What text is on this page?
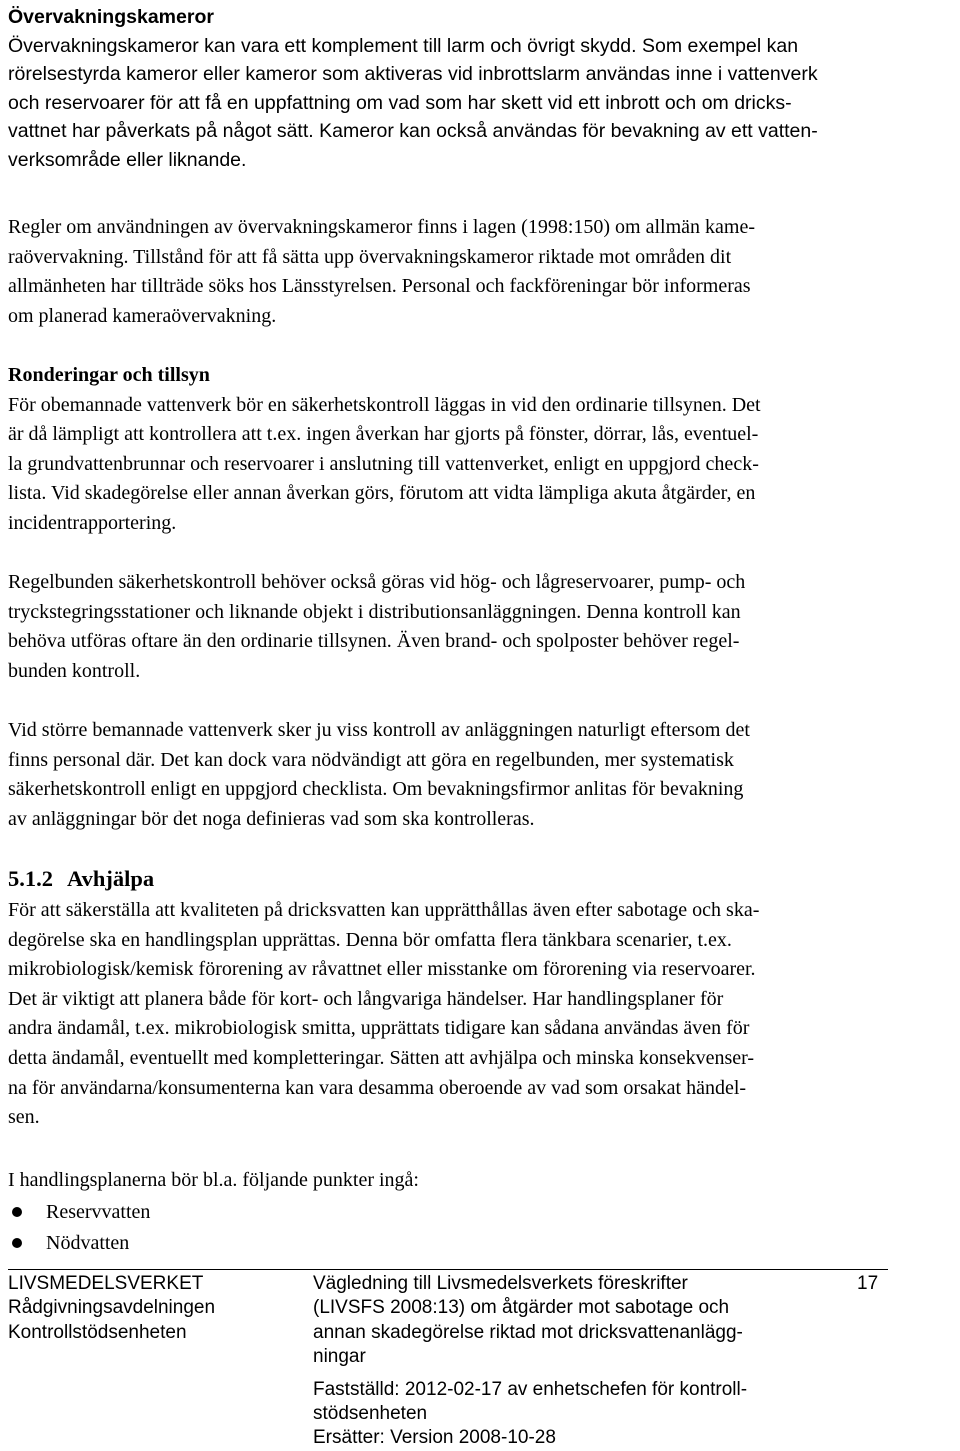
Övervakningskameror
Övervakningskameror kan vara ett komplement till larm och övrigt skydd. Som exempel kan
rörelsestyrda kameror eller kameror som aktiveras vid inbrottslarm användas inne i vattenverk
och reservoarer för att få en uppfattning om vad som har skett vid ett inbrott och om dricks-
vattnet har påverkats på något sätt. Kameror kan också användas för bevakning av ett vatten-
verksområde eller liknande.
Regler om användningen av övervakningskameror finns i lagen (1998:150) om allmän kame-
raövervakning. Tillstånd för att få sätta upp övervakningskameror riktade mot områden dit
allmänheten har tillträde söks hos Länsstyrelsen. Personal och fackföreningar bör informeras
om planerad kameraövervakning.
Ronderingar och tillsyn
För obemannade vattenverk bör en säkerhetskontroll läggas in vid den ordinarie tillsynen. Det
är då lämpligt att kontrollera att t.ex. ingen åverkan har gjorts på fönster, dörrar, lås, eventuel-
la grundvattenbrunnar och reservoarer i anslutning till vattenverket, enligt en uppgjord check-
lista. Vid skadegörelse eller annan åverkan görs, förutom att vidta lämpliga akuta åtgärder, en
incidentrapportering.
Regelbunden säkerhetskontroll behöver också göras vid hög- och lågreservoarer, pump- och
tryckstegringsstationer och liknande objekt i distributionsanläggningen. Denna kontroll kan
behöva utföras oftare än den ordinarie tillsynen. Även brand- och spolposter behöver regel-
bunden kontroll.
Vid större bemannade vattenverk sker ju viss kontroll av anläggningen naturligt eftersom det
finns personal där. Det kan dock vara nödvändigt att göra en regelbunden, mer systematisk
säkerhetskontroll enligt en uppgjord checklista. Om bevakningsfirmor anlitas för bevakning
av anläggningar bör det noga definieras vad som ska kontrolleras.
5.1.2 Avhjälpa
För att säkerställa att kvaliteten på dricksvatten kan upprätthållas även efter sabotage och ska-
degörelse ska en handlingsplan upprättas. Denna bör omfatta flera tänkbara scenarier, t.ex.
mikrobiologisk/kemisk förorening av råvattnet eller misstanke om förorening via reservoarer.
Det är viktigt att planera både för kort- och långvariga händelser. Har handlingsplaner för
andra ändamål, t.ex. mikrobiologisk smitta, upprättats tidigare kan sådana användas även för
detta ändamål, eventuellt med kompletteringar. Sätten att avhjälpa och minska konsekvenser-
na för användarna/konsumenterna kan vara desamma oberoende av vad som orsakat händel-
sen.
I handlingsplanerna bör bl.a. följande punkter ingå:
Reservvatten
Nödvatten
LIVSMEDELSVERKET
Rådgivningsavdelningen
Kontrollstödsenheten
Vägledning till Livsmedelsverkets föreskrifter
(LIVSFS 2008:13) om åtgärder mot sabotage och
annan skadegörelse riktad mot dricksvattenanlägg-
ningar
Fastställd: 2012-02-17 av enhetschefen för kontroll-
stödsenheten
Ersätter: Version 2008-10-28
17
